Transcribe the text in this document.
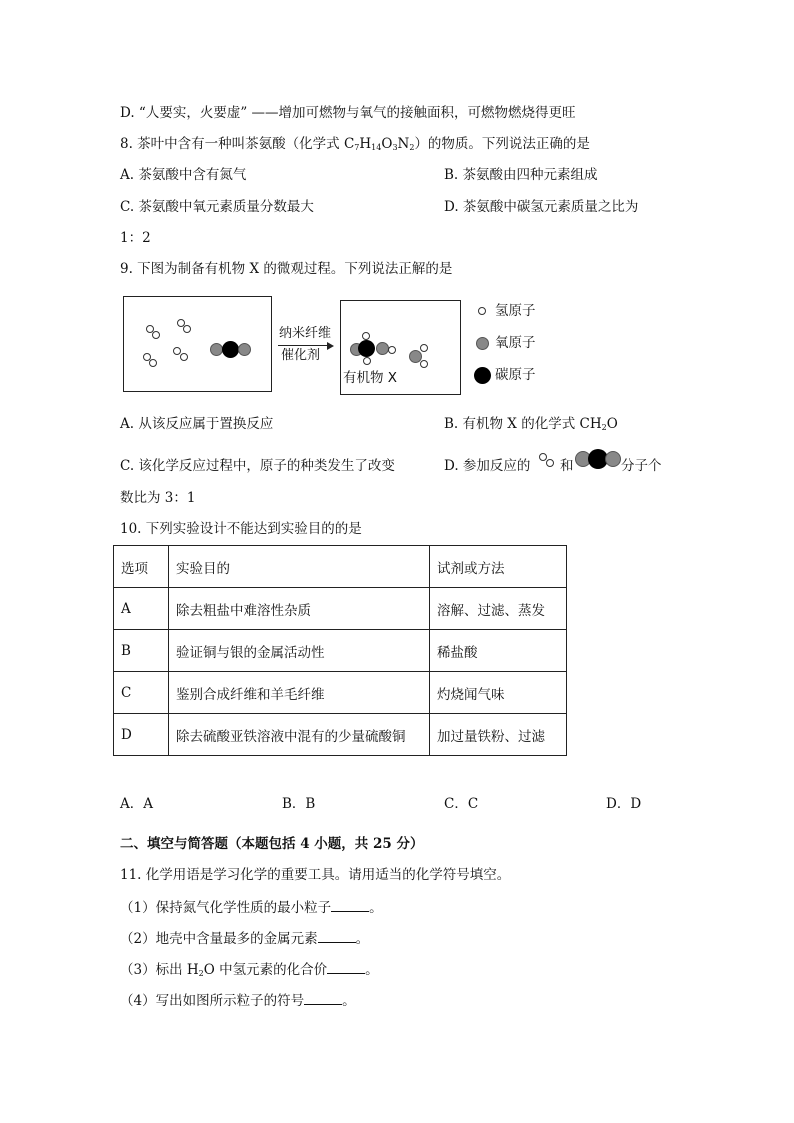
D. “人要实，火要虚” ——增加可燃物与氧气的接触面积，可燃物燃烧得更旺
8. 茶叶中含有一种叫茶氨酸（化学式 $C_7H_{14}O_3N_2$）的物质。下列说法正确的是
A. 茶氨酸中含有氮气	B. 茶氨酸由四种元素组成
C. 茶氨酸中氧元素质量分数最大	D. 茶氨酸中碳氢元素质量之比为
1：2
9. 下图为制备有机物 X 的微观过程。下列说法正解的是
纳米纤维
催化剂
有机物 X
氢原子
氧原子
碳原子
A. 从该反应属于置换反应	B. 有机物 X 的化学式 $CH_2O$
C. 该化学反应过程中，原子的种类发生了改变	D. 参加反应的 和	分子个
数比为 3：1
10. 下列实验设计不能达到实验目的的是
选项	实验目的	试剂或方法
A	除去粗盐中难溶性杂质	溶解、过滤、蒸发
B	验证铜与银的金属活动性	稀盐酸
C	鉴别合成纤维和羊毛纤维	灼烧闻气味
D	除去硫酸亚铁溶液中混有的少量硫酸铜	加过量铁粉、过滤
A．A	B．B	C．C	D．D
二、填空与简答题（本题包括 4 小题，共 25 分）
11. 化学用语是学习化学的重要工具。请用适当的化学符号填空。
（1）保持氮气化学性质的最小粒子	。
（2）地壳中含量最多的金属元素	。
（3）标出 $H_2O$ 中氢元素的化合价	。
（4）写出如图所示粒子的符号	。
